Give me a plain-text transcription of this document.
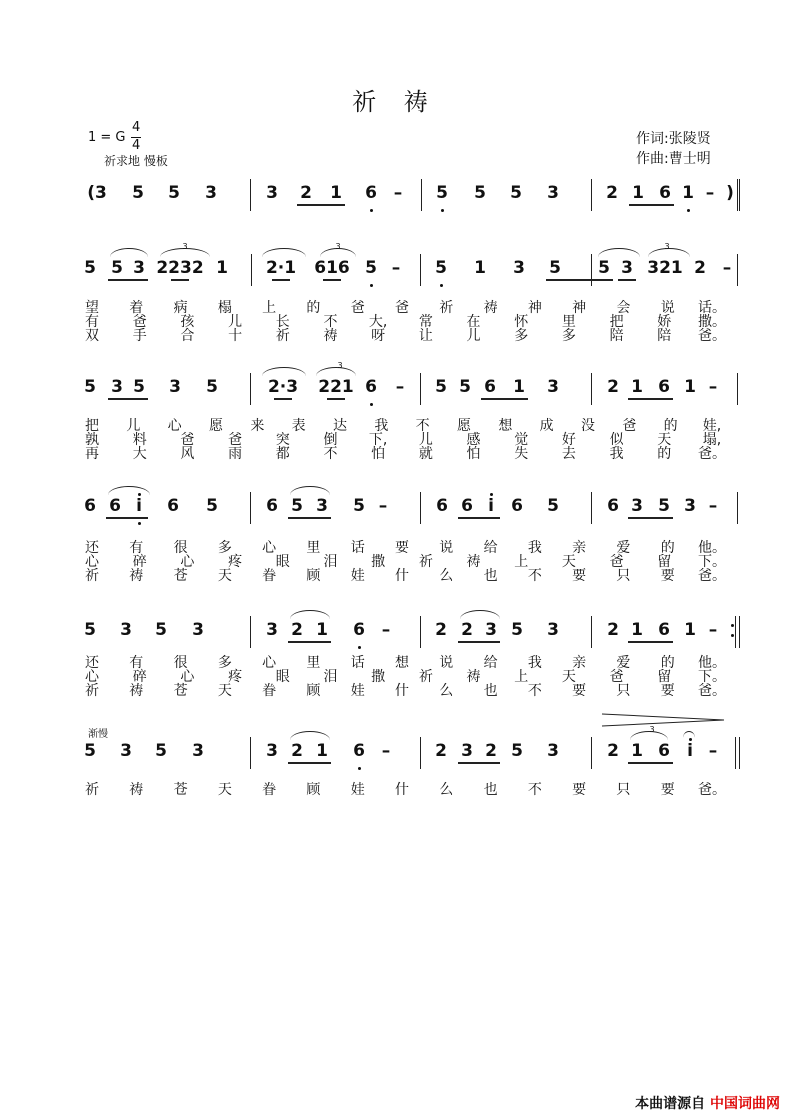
祈 祷
1 = G
4
4
祈求地 慢板
作词:张陵贤
作曲:曹士明
(3 5 5 3	3 2 1 6 – 5 5 5 3	2 1 6 1 – )
5 5 3 2232 1 2·1 616 5 – 5 1 3 5 5 3 321 2 –
3	3	3
5 3 5 3 5	2·3 221 6 – 5 5 6 1 3	2 1 6 1 –
3
6 6 i 6 5	6 5 3 5 –	6 6 i 6 5	6 3 5 3 –
5 3 5 3	3 2 1 6 –	2 2 3 5 3	2 1 6 1 –
5 3 5 3	3 2 1 6 –	2 3 2 5 3	2 1 6 i –
3
望 着 病 榻 上 的 爸 爸 祈 祷 神 神 会 说 话。
有 爸 孩 儿 长 不 大, 常 在 怀 里 把 娇 撒。
双 手 合 十 祈 祷 呀 让 儿 多 多 陪 陪 爸。
把 儿 心 愿 来 表 达 我 不 愿 想 成 没 爸 的 娃,
孰 料 爸 爸 突 倒 下, 儿 感 觉 好 似 天 塌,
再 大 风 雨 都 不 怕 就 怕 失 去 我 的 爸。
还 有 很 多 心 里 话 要 说 给 我 亲 爱 的 他。
心 碎 心 疼 眼 泪 撒 祈 祷 上 天 爸 留 下。
祈 祷 苍 天 眷 顾 娃 什 么 也 不 要 只 要 爸。
还 有 很 多 心 里 话 想 说 给 我 亲 爱 的 他。
心 碎 心 疼 眼 泪 撒 祈 祷 上 天 爸 留 下。
祈 祷 苍 天 眷 顾 娃 什 么 也 不 要 只 要 爸。
祈 祷 苍 天 眷 顾 娃 什 么 也 不 要 只 要 爸。
渐慢
本曲谱源自 中国词曲网
